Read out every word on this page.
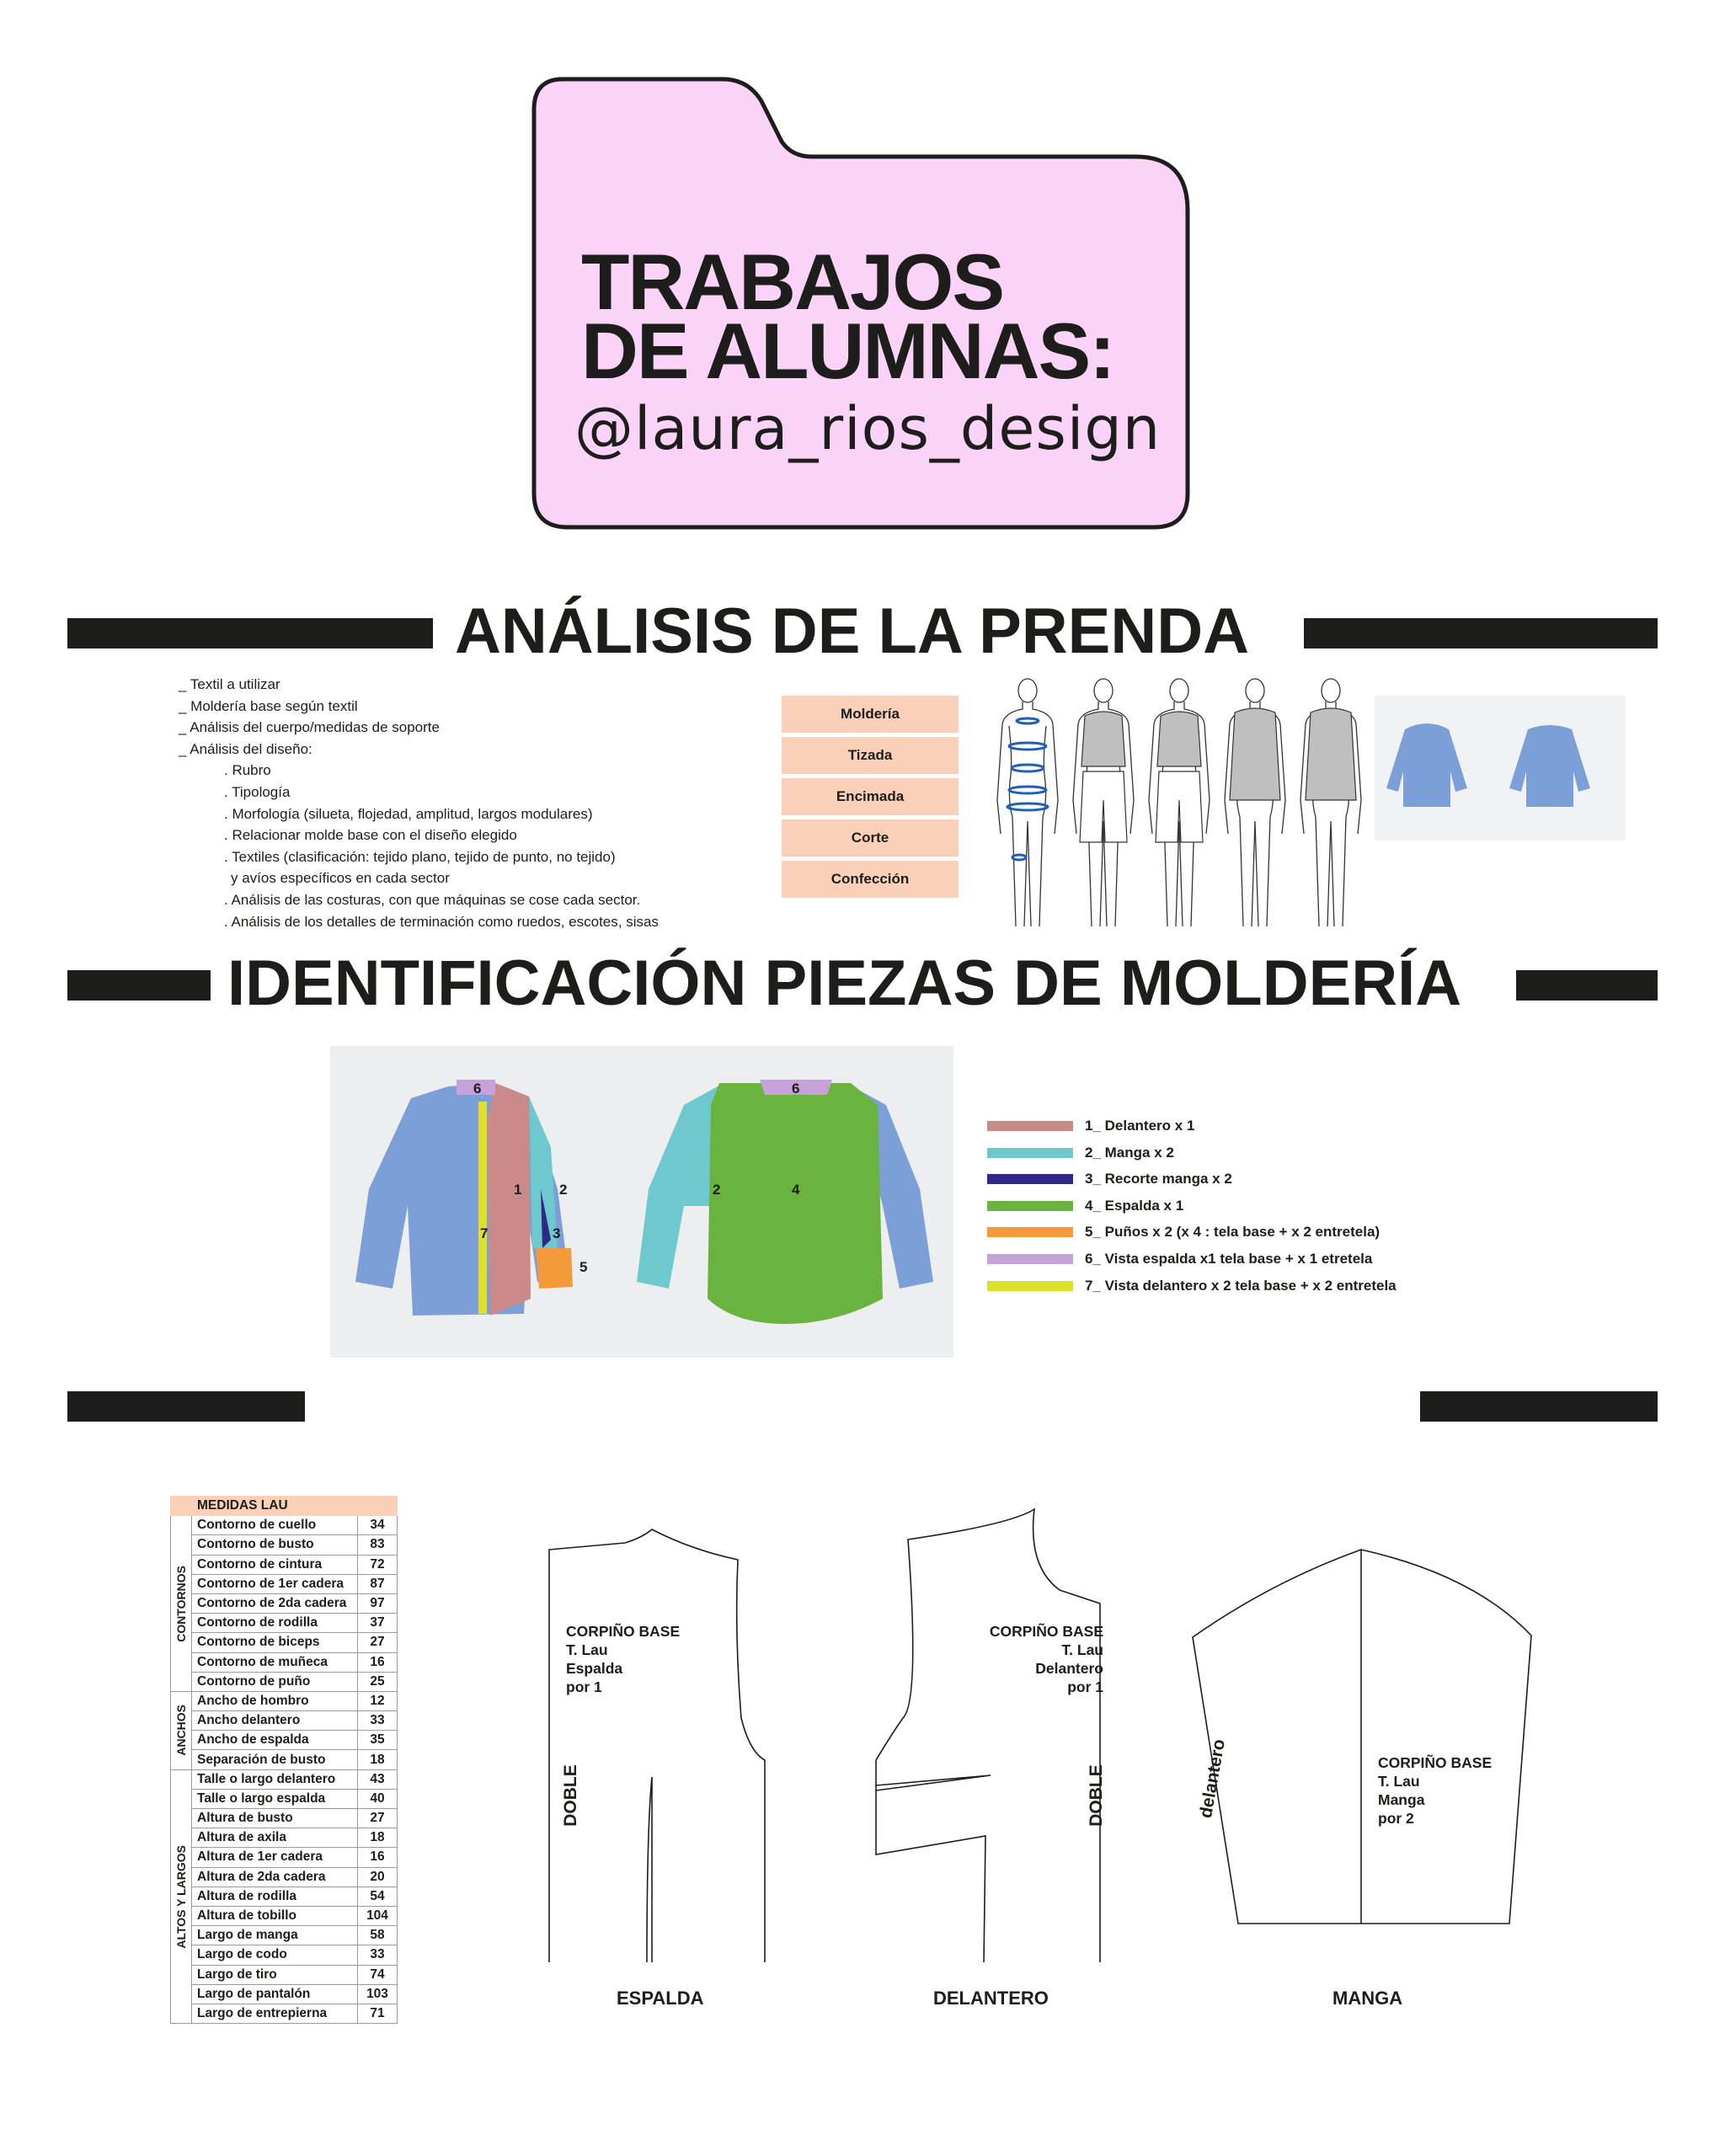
TRABAJOS
DE ALUMNAS:
@laura_rios_design
ANÁLISIS DE LA PRENDA
_ Textil a utilizar
_ Moldería base según textil
_ Análisis del cuerpo/medidas de soporte
_ Análisis del diseño:
. Rubro
. Tipología
. Morfología (silueta, flojedad, amplitud, largos modulares)
. Relacionar molde base con el diseño elegido
. Textiles (clasificación: tejido plano, tejido de punto, no tejido)
y avíos específicos en cada sector
. Análisis de las costuras, con que máquinas se cose cada sector.
. Análisis de los detalles de terminación como ruedos, escotes, sisas
Moldería
Tizada
Encimada
Corte
Confección
IDENTIFICACIÓN PIEZAS DE MOLDERÍA
6
1	2
7	3
5
6
2	4
1_ Delantero x 1
2_ Manga x 2
3_ Recorte manga x 2
4_ Espalda x 1
5_ Puños x 2 (x 4 : tela base + x 2 entretela)
6_ Vista espalda x1 tela base + x 1 etretela
7_ Vista delantero x 2 tela base + x 2 entretela
	MEDIDAS LAU	

CONTORNOS	Contorno de cuello	34
	Contorno de busto	83
	Contorno de cintura	72
	Contorno de 1er cadera	87
	Contorno de 2da cadera	97
	Contorno de rodilla	37
	Contorno de biceps	27
	Contorno de muñeca	16
	Contorno de puño	25

ANCHOS	Ancho de hombro	12
	Ancho delantero	33
	Ancho de espalda	35
	Separación de busto	18

ALTOS Y LARGOS	Talle o largo delantero	43
	Talle o largo espalda	40
	Altura de busto	27
	Altura de axila	18
	Altura de 1er cadera	16
	Altura de 2da cadera	20
	Altura de rodilla	54
	Altura de tobillo	104
	Largo de manga	58
	Largo de codo	33
	Largo de tiro	74
	Largo de pantalón	103
	Largo de entrepierna	71
CORPIÑO BASE
T. Lau
Espalda
por 1
DOBLE
ESPALDA
CORPIÑO BASE
T. Lau
Delantero
por 1
DOBLE
DELANTERO
CORPIÑO BASE
T. Lau
Manga
por 2
delantero
MANGA
